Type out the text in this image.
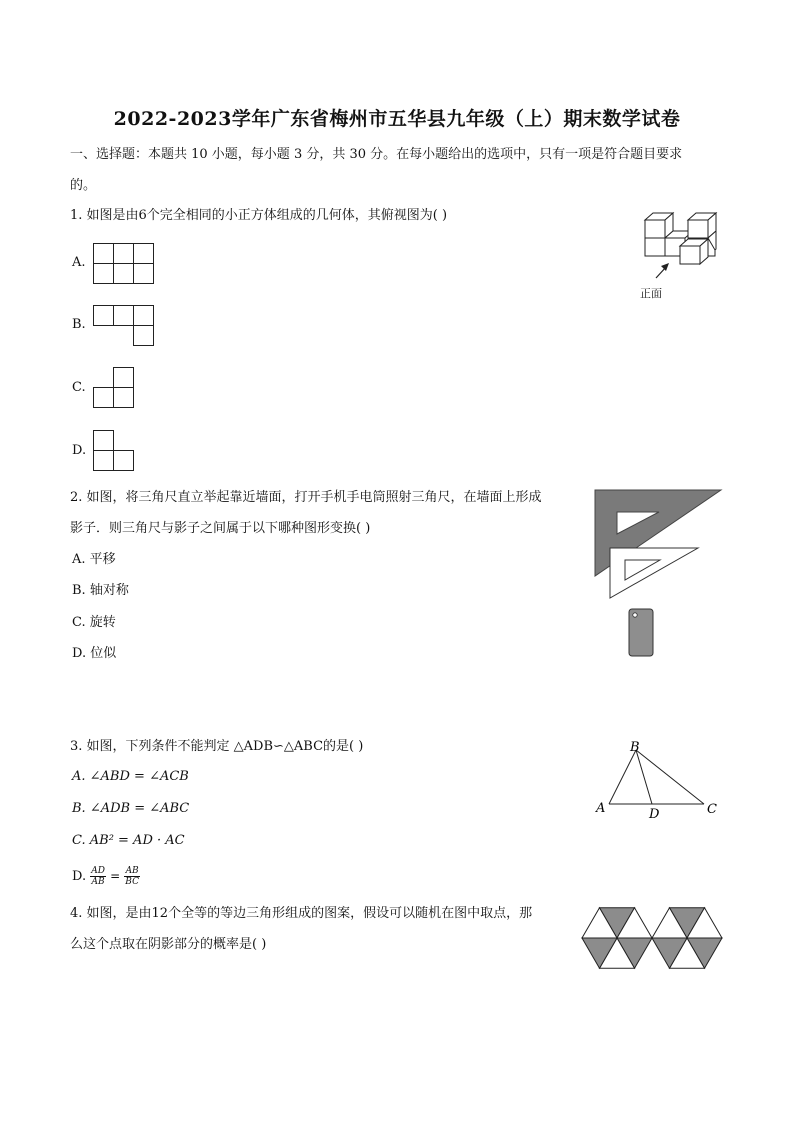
2022-2023学年广东省梅州市五华县九年级（上）期末数学试卷
一、选择题：本题共 10 小题，每小题 3 分，共 30 分。在每小题给出的选项中，只有一项是符合题目要求
的。
1. 如图是由6个完全相同的小正方体组成的几何体，其俯视图为( )
A.
B.
C.
D.
正面
2. 如图，将三角尺直立举起靠近墙面，打开手机手电筒照射三角尺，在墙面上形成
影子．则三角尺与影子之间属于以下哪种图形变换( )
A. 平移
B. 轴对称
C. 旋转
D. 位似
3. 如图，下列条件不能判定 △ADB∽△ABC的是( )
A. ∠ABD = ∠ACB
B. ∠ADB = ∠ABC
C. AB² = AD · AC
D. $\frac{AD}{AB} = \frac{AB}{BC}$
B
A	D	C
4. 如图，是由12个全等的等边三角形组成的图案，假设可以随机在图中取点，那
么这个点取在阴影部分的概率是( )
